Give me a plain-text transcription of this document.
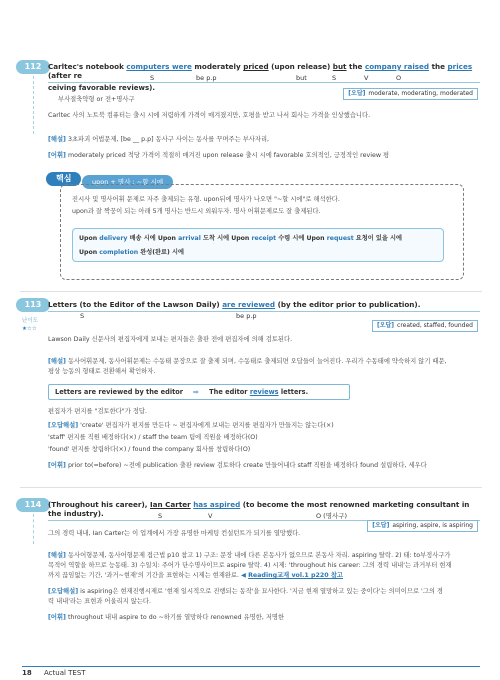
112 Carltec's notebook computers were moderately priced (upon release) but the company raised the prices (after re	S	be p.p	but	S	V	O
ceiving favorable reviews).
부사절축약형 or 전+명사구
[오답] moderate, moderating, moderated
Carltec 사의 노트북 컴퓨터는 출시 시에 저렴하게 가격이 매겨졌지만, 호평을 받고 나서 회사는 가격을 인상했습니다.
[해설] 3초파괴 어법문제, [be __ p.p] 동사구 사이는 동사를 꾸며주는 부사자리,
[어휘] moderately priced 적당 가격이 적절히 매겨진 upon release 출시 시에 favorable 호의적인, 긍정적인 review 평
핵심	upon + 명사 : ~할 시에
진시사 및 명사어휘 문제로 자주 출제되는 유형. upon뒤에 명사가 나오면 "~할 시에"로 해석한다.
upon과 잘 짝꿍이 되는 아래 5개 명사는 반드시 외워두자. 명사 어휘문제로도 잘 출제된다.
Upon delivery 배송 시에 Upon arrival 도착 시에 Upon receipt 수령 시에 Upon request 요청이 있을 시에
Upon completion 완성(완료) 시에
113
난이도
★☆☆
Letters (to the Editor of the Lawson Daily) are reviewed (by the editor prior to publication).
S	be p.p
[오답] created, staffed, founded
Lawson Daily 신문사의 편집자에게 보내는 편지들은 출판 전에 편집자에 의해 검토된다.
[해설] 동사어휘문제, 동사어휘문제는 수동태 문장으로 잘 출제 되며, 수동태로 출제되면 오답들이 늘어진다. 우리가 수동태에 약숙하지 않기 때문,
평상 능동의 형태로 전환해서 확인하자.
Letters are reviewed by the editor ⇨ The editor reviews letters.
편집자가 편지를 "검토한다"가 정답.
[오답해설] 'create' 편집자가 편지를 만든다 ~ 편집자에게 보내는 편지를 편집자가 만들지는 않는다(×)
'staff' 편지를 직원 배정하다(×) / staff the team 팀에 직원을 배정하다(O)
'found' 편지를 창립하다(×) / found the company 회사를 창립하다(O)
[어휘] prior to(=before) ~전에 publication 출판 review 검토하다 create 만들어내다 staff 직원을 배정하다 found 설립하다, 세우다
114 (Throughout his career), Ian Carter has aspired (to become the most renowned marketing consultant in the industry).	S	V	O (명사구)
[오답] aspiring, aspire, is aspiring
그의 경력 내내, Ian Carter는 이 업계에서 가장 유명한 마케팅 컨설턴트가 되기를 열망했다.
[해설] 동사어형문제, 동사어형문제 접근법 p10 참고 1) 구조: 문장 내에 다른 본동사가 없으므로 본동사 자리. aspiring 탈락. 2) 태: to부정사구가
목적어 역할을 하므로 능동태. 3) 수일치: 주어가 단수명사이므로 aspire 탈락. 4) 시제: 'throughout his career: 그의 경력 내내'는 과거부터 현재
까지 끊임없는 기간, '과거~현재'의 기간을 표현하는 시제는 현재완료. ◀ Reading교재 vol.1 p220 참고
[오답해설] is aspiring은 현재진행시제로 '현재 일시적으로 진행되는 동작'을 묘사한다. '지금 현재 열망하고 있는 중이다'는 의미이므로 '그의 경
력 내내'라는 표현과 어울리지 않는다.
[어휘] throughout 내내 aspire to do ~하기를 열망하다 renowned 유명한, 저명한
18 Actual TEST
